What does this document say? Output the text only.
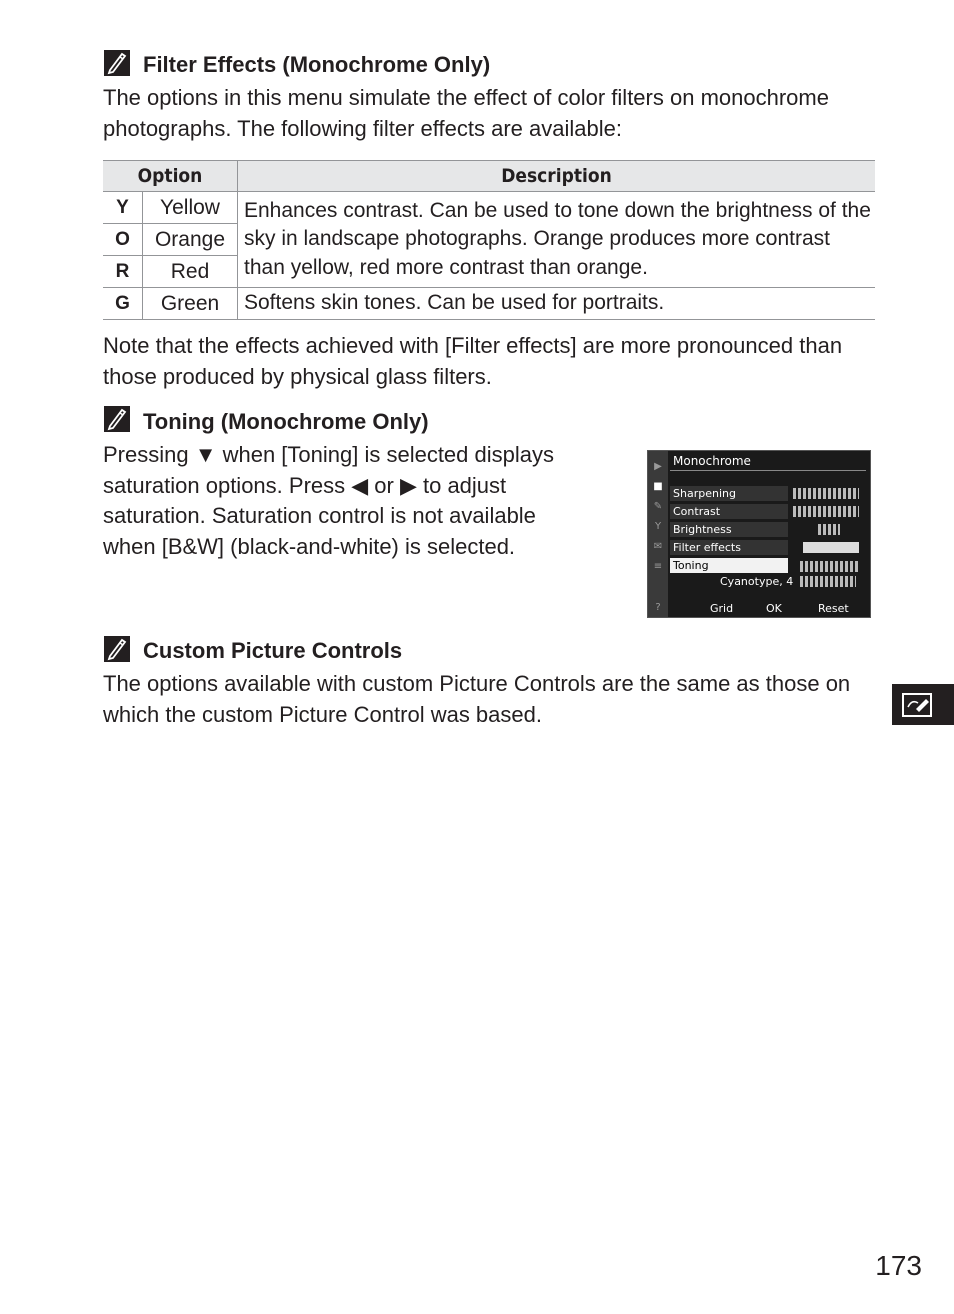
Filter Effects (Monochrome Only)

The options in this menu simulate the effect of color filters on monochrome photographs. The following filter effects are available:

Option		Description
Y	Yellow	Enhances contrast. Can be used to tone down the brightness of the sky in landscape photographs. Orange produces more contrast than yellow, red more contrast than orange.
O	Orange	
R	Red	
G	Green	Softens skin tones. Can be used for portraits.

Note that the effects achieved with [Filter effects] are more pronounced than those produced by physical glass filters.

Toning (Monochrome Only)

Pressing ▼ when [Toning] is selected displays saturation options. Press ◀ or ▶ to adjust saturation. Saturation control is not available when [B&W] (black-and-white) is selected.

▶
■
✎
Y
✉
≡
?
Monochrome
Sharpening
Contrast
Brightness
Filter effects
Toning
Cyanotype, 4
Grid	OK	Reset
Custom Picture Controls

The options available with custom Picture Controls are the same as those on which the custom Picture Control was based.

173
